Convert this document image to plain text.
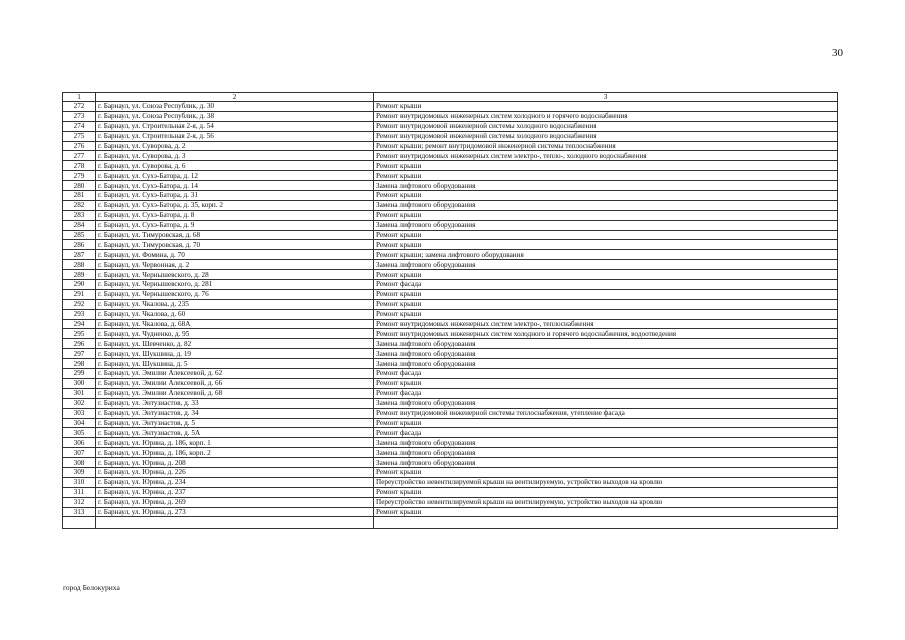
30
1	2	3
272	г. Барнаул, ул. Союза Республик, д. 30	Ремонт крыши
273	г. Барнаул, ул. Союза Республик, д. 38	Ремонт внутридомовых инженерных систем холодного и горячего водоснабжения
274	г. Барнаул, ул. Строительная 2-я, д. 54	Ремонт внутридомовой инженерной системы холодного водоснабжения
275	г. Барнаул, ул. Строительная 2-я, д. 56	Ремонт внутридомовой инженерной системы холодного водоснабжения
276	г. Барнаул, ул. Суворова, д. 2	Ремонт крыши; ремонт внутридомовой инженерной системы теплоснабжения
277	г. Барнаул, ул. Суворова, д. 3	Ремонт внутридомовых инженерных систем электро-, тепло-, холодного водоснабжения
278	г. Барнаул, ул. Суворова, д. 6	Ремонт крыши
279	г. Барнаул, ул. Сухэ-Батора, д. 12	Ремонт крыши
280	г. Барнаул, ул. Сухэ-Батора, д. 14	Замена лифтового оборудования
281	г. Барнаул, ул. Сухэ-Батора, д. 31	Ремонт крыши
282	г. Барнаул, ул. Сухэ-Батора, д. 35, корп. 2	Замена лифтового оборудования
283	г. Барнаул, ул. Сухэ-Батора, д. 8	Ремонт крыши
284	г. Барнаул, ул. Сухэ-Батора, д. 9	Замена лифтового оборудования
285	г. Барнаул, ул. Тимуровская, д. 68	Ремонт крыши
286	г. Барнаул, ул. Тимуровская, д. 70	Ремонт крыши
287	г. Барнаул, ул. Фомина, д. 70	Ремонт крыши; замена лифтового оборудования
288	г. Барнаул, ул. Червонная, д. 2	Замена лифтового оборудования
289	г. Барнаул, ул. Чернышевского, д. 28	Ремонт крыши
290	г. Барнаул, ул. Чернышевского, д. 281	Ремонт фасада
291	г. Барнаул, ул. Чернышевского, д. 76	Ремонт крыши
292	г. Барнаул, ул. Чкалова, д. 235	Ремонт крыши
293	г. Барнаул, ул. Чкалова, д. 60	Ремонт крыши
294	г. Барнаул, ул. Чкалова, д. 68А	Ремонт внутридомовых инженерных систем электро-, теплоснабжения
295	г. Барнаул, ул. Чудненко, д. 95	Ремонт внутридомовых инженерных систем холодного и горячего водоснабжения, водоотведения
296	г. Барнаул, ул. Шевченко, д. 82	Замена лифтового оборудования
297	г. Барнаул, ул. Шукшина, д. 19	Замена лифтового оборудования
298	г. Барнаул, ул. Шукшина, д. 5	Замена лифтового оборудования
299	г. Барнаул, ул. Эмилии Алексеевой, д. 62	Ремонт фасада
300	г. Барнаул, ул. Эмилии Алексеевой, д. 66	Ремонт крыши
301	г. Барнаул, ул. Эмилии Алексеевой, д. 68	Ремонт фасада
302	г. Барнаул, ул. Энтузиастов, д. 33	Замена лифтового оборудования
303	г. Барнаул, ул. Энтузиастов, д. 34	Ремонт внутридомовой инженерной системы теплоснабжения, утепление фасада
304	г. Барнаул, ул. Энтузиастов, д. 5	Ремонт крыши
305	г. Барнаул, ул. Энтузиастов, д. 5А	Ремонт фасада
306	г. Барнаул, ул. Юрина, д. 186, корп. 1	Замена лифтового оборудования
307	г. Барнаул, ул. Юрина, д. 186, корп. 2	Замена лифтового оборудования
308	г. Барнаул, ул. Юрина, д. 208	Замена лифтового оборудования
309	г. Барнаул, ул. Юрина, д. 226	Ремонт крыши
310	г. Барнаул, ул. Юрина, д. 234	Переустройство невентилируемой крыши на вентилируемую, устройство выходов на кровлю
311	г. Барнаул, ул. Юрина, д. 237	Ремонт крыши
312	г. Барнаул, ул. Юрина, д. 269	Переустройство невентилируемой крыши на вентилируемую, устройство выходов на кровлю
313	г. Барнаул, ул. Юрина, д. 273	Ремонт крыши

город Белокуриха
